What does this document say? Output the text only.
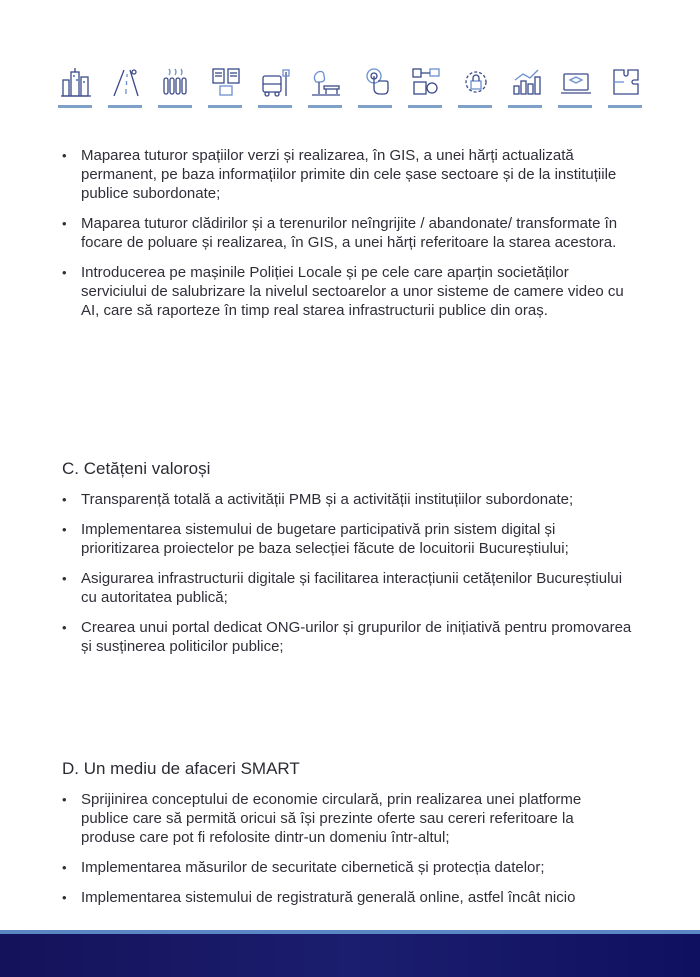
• Maparea tuturor spațiilor verzi și realizarea, în GIS, a unei hărți actualizată permanent, pe baza informațiilor primite din cele șase sectoare și de la instituțiile publice subordonate;
• Maparea tuturor clădirilor și a terenurilor neîngrijite / abandonate/ transformate în focare de poluare și realizarea, în GIS, a unei hărți referitoare la starea acestora.
• Introducerea pe mașinile Poliției Locale și pe cele care aparțin societăților serviciului de salubrizare la nivelul sectoarelor a unor sisteme de camere video cu AI, care să raporteze în timp real starea infrastructurii publice din oraș.
C. Cetățeni valoroși
• Transparență totală a activității PMB și a activității instituțiilor subordonate;
• Implementarea sistemului de bugetare participativă prin sistem digital și prioritizarea proiectelor pe baza selecției făcute de locuitorii Bucureștiului;
• Asigurarea infrastructurii digitale și facilitarea interacțiunii cetățenilor Bucureștiului cu autoritatea publică;
• Crearea unui portal dedicat ONG-urilor și grupurilor de inițiativă pentru promovarea și susținerea politicilor publice;
D. Un mediu de afaceri SMART
• Sprijinirea conceptului de economie circulară, prin realizarea unei platforme publice care să permită oricui să își prezinte oferte sau cereri referitoare la produse care pot fi refolosite dintr-un domeniu într-altul;
• Implementarea măsurilor de securitate cibernetică și protecția datelor;
• Implementarea sistemului de registratură generală online, astfel încât nicio
